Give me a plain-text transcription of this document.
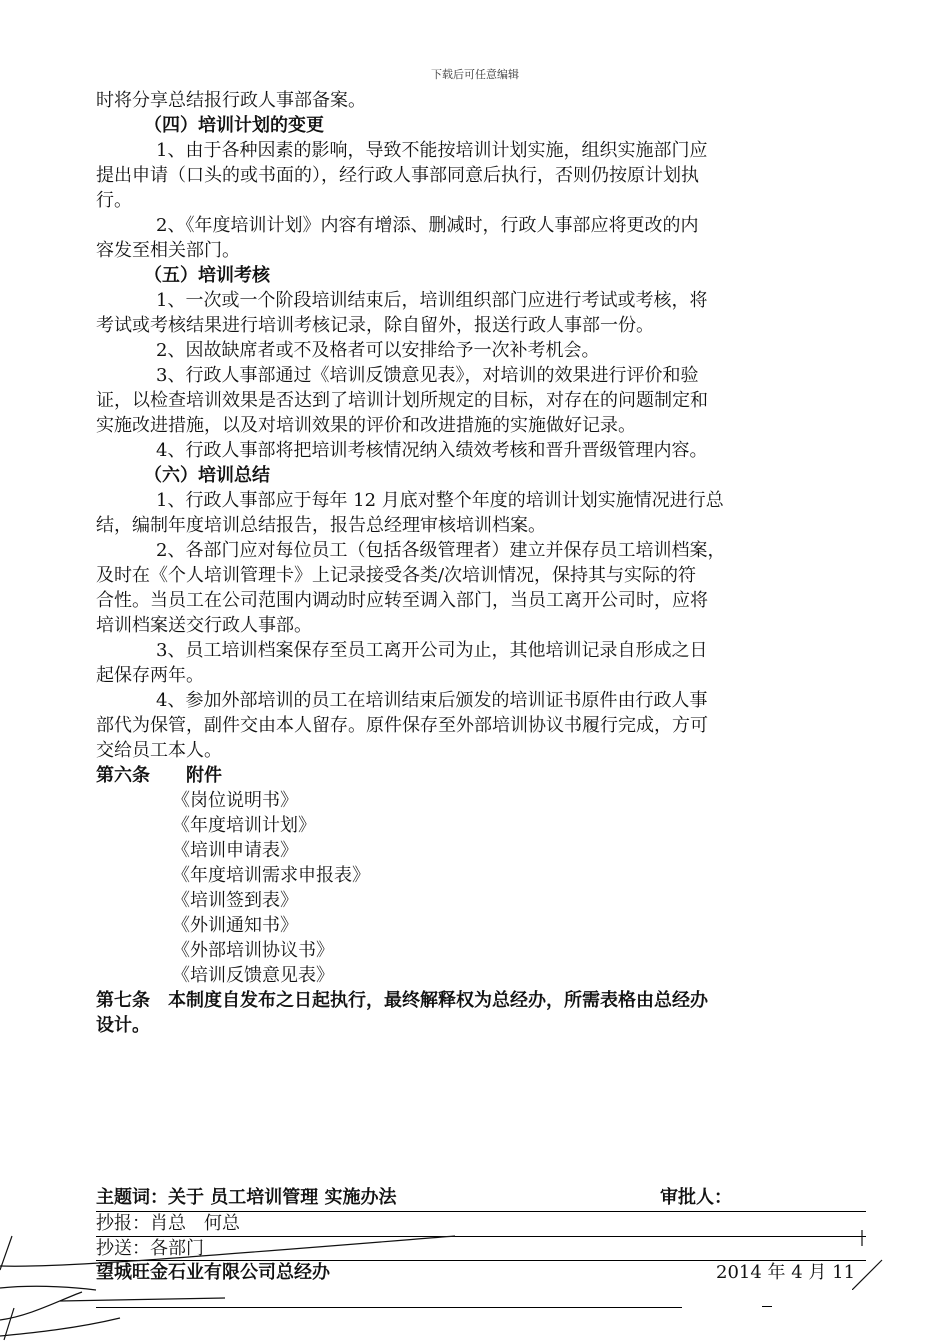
下载后可任意编辑
时将分享总结报行政人事部备案。
（四）培训计划的变更
1、由于各种因素的影响，导致不能按培训计划实施，组织实施部门应
提出申请（口头的或书面的），经行政人事部同意后执行，否则仍按原计划执
行。
2、《年度培训计划》内容有增添、删减时，行政人事部应将更改的内
容发至相关部门。
（五）培训考核
1、一次或一个阶段培训结束后，培训组织部门应进行考试或考核，将
考试或考核结果进行培训考核记录，除自留外，报送行政人事部一份。
2、因故缺席者或不及格者可以安排给予一次补考机会。
3、行政人事部通过《培训反馈意见表》，对培训的效果进行评价和验
证，以检查培训效果是否达到了培训计划所规定的目标，对存在的问题制定和
实施改进措施，以及对培训效果的评价和改进措施的实施做好记录。
4、行政人事部将把培训考核情况纳入绩效考核和晋升晋级管理内容。
（六）培训总结
1、行政人事部应于每年 12 月底对整个年度的培训计划实施情况进行总
结，编制年度培训总结报告，报告总经理审核培训档案。
2、各部门应对每位员工（包括各级管理者）建立并保存员工培训档案，
及时在《个人培训管理卡》上记录接受各类/次培训情况，保持其与实际的符
合性。当员工在公司范围内调动时应转至调入部门，当员工离开公司时，应将
培训档案送交行政人事部。
3、员工培训档案保存至员工离开公司为止，其他培训记录自形成之日
起保存两年。
4、参加外部培训的员工在培训结束后颁发的培训证书原件由行政人事
部代为保管，副件交由本人留存。原件保存至外部培训协议书履行完成，方可
交给员工本人。
第六条 附件
《岗位说明书》
《年度培训计划》
《培训申请表》
《年度培训需求申报表》
《培训签到表》
《外训通知书》
《外部培训协议书》
《培训反馈意见表》
第七条　本制度自发布之日起执行，最终解释权为总经办，所需表格由总经办
设计。
主题词：关于 员工培训管理 实施办法	审批人：
抄报：肖总　何总
抄送：各部门
望城旺金石业有限公司总经办	2014 年 4 月 11
